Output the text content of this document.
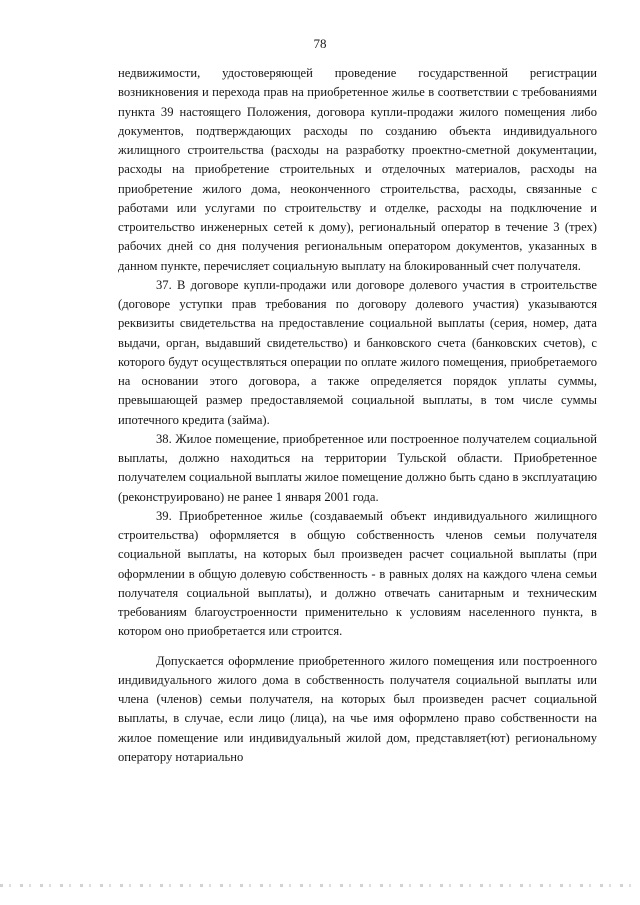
78

недвижимости, удостоверяющей проведение государственной регистрации возникновения и перехода прав на приобретенное жилье в соответствии с требованиями пункта 39 настоящего Положения, договора купли-продажи жилого помещения либо документов, подтверждающих расходы по созданию объекта индивидуального жилищного строительства (расходы на разработку проектно-сметной документации, расходы на приобретение строительных и отделочных материалов, расходы на приобретение жилого дома, неоконченного строительства, расходы, связанные с работами или услугами по строительству и отделке, расходы на подключение и строительство инженерных сетей к дому), региональный оператор в течение 3 (трех) рабочих дней со дня получения региональным оператором документов, указанных в данном пункте, перечисляет социальную выплату на блокированный счет получателя.

37. В договоре купли-продажи или договоре долевого участия в строительстве (договоре уступки прав требования по договору долевого участия) указываются реквизиты свидетельства на предоставление социальной выплаты (серия, номер, дата выдачи, орган, выдавший свидетельство) и банковского счета (банковских счетов), с которого будут осуществляться операции по оплате жилого помещения, приобретаемого на основании этого договора, а также определяется порядок уплаты суммы, превышающей размер предоставляемой социальной выплаты, в том числе суммы ипотечного кредита (займа).

38. Жилое помещение, приобретенное или построенное получателем социальной выплаты, должно находиться на территории Тульской области. Приобретенное получателем социальной выплаты жилое помещение должно быть сдано в эксплуатацию (реконструировано) не ранее 1 января 2001 года.

39. Приобретенное жилье (создаваемый объект индивидуального жилищного строительства) оформляется в общую собственность членов семьи получателя социальной выплаты, на которых был произведен расчет социальной выплаты (при оформлении в общую долевую собственность - в равных долях на каждого члена семьи получателя социальной выплаты), и должно отвечать санитарным и техническим требованиям благоустроенности применительно к условиям населенного пункта, в котором оно приобретается или строится.

Допускается оформление приобретенного жилого помещения или построенного индивидуального жилого дома в собственность получателя социальной выплаты или члена (членов) семьи получателя, на которых был произведен расчет социальной выплаты, в случае, если лицо (лица), на чье имя оформлено право собственности на жилое помещение или индивидуальный жилой дом, представляет(ют) региональному оператору нотариально
